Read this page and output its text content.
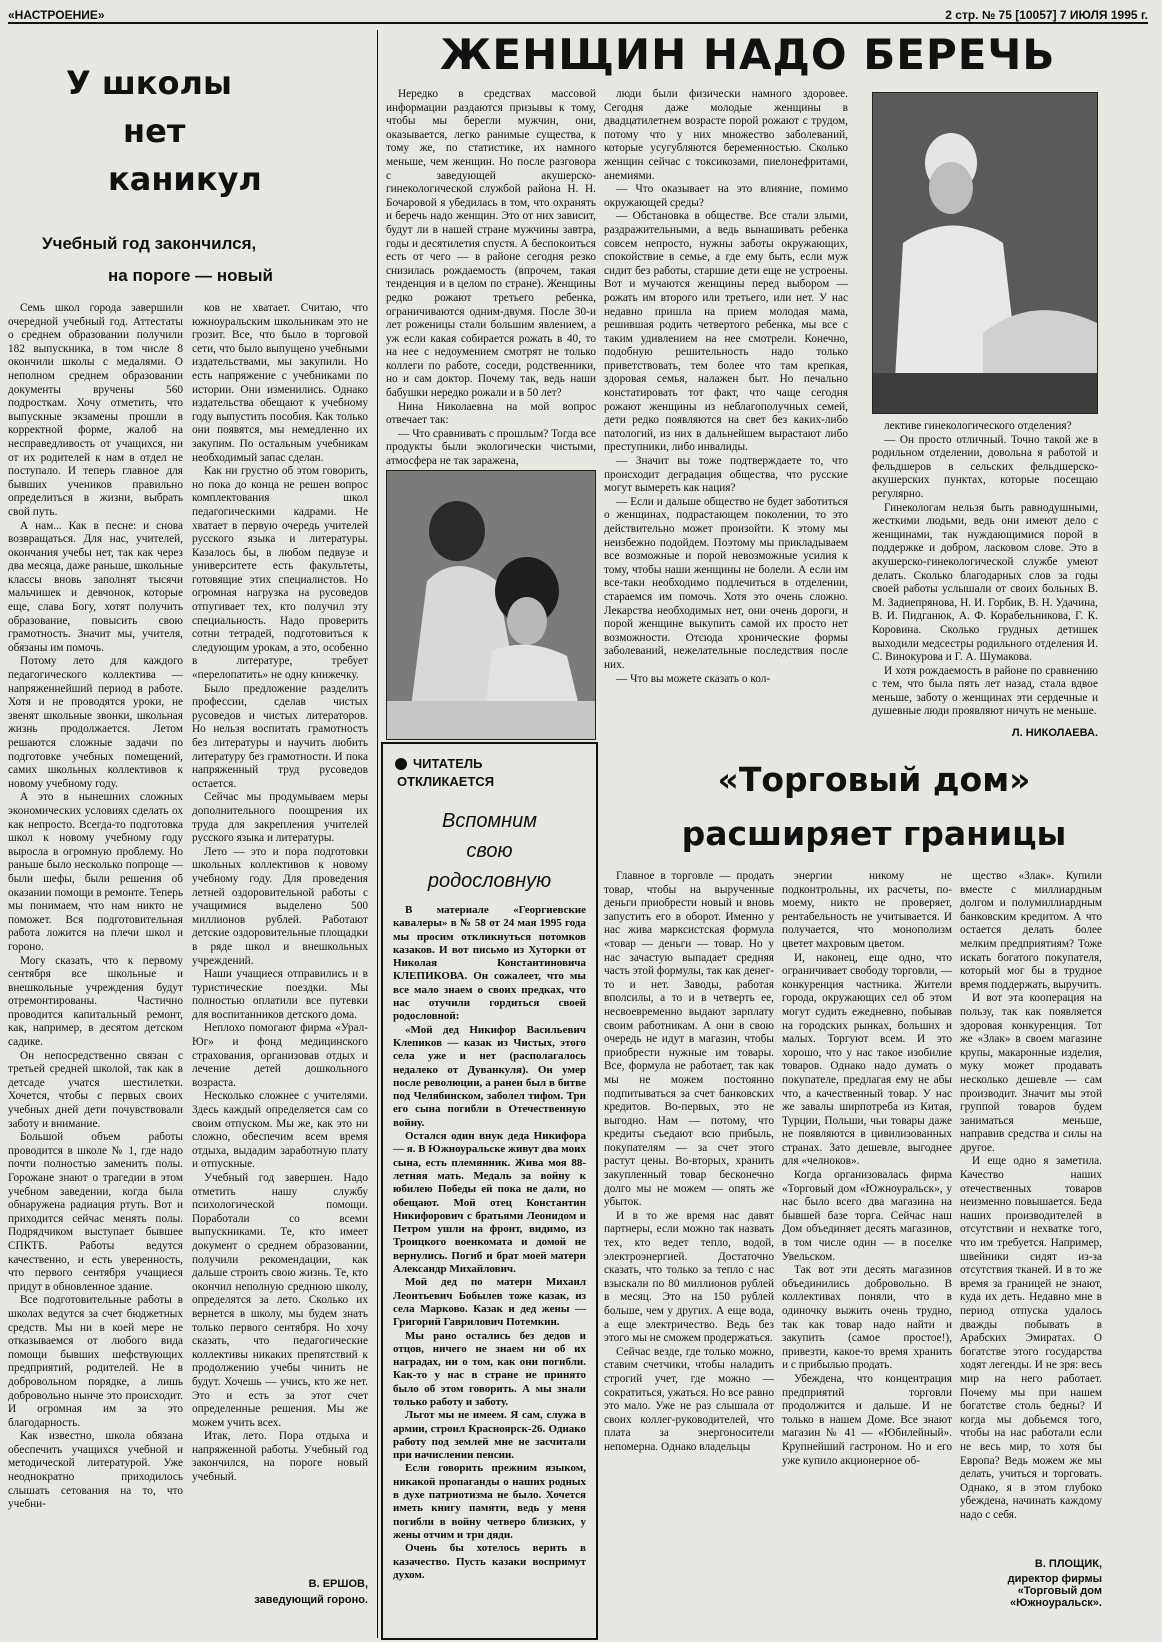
«НАСТРОЕНИЕ»	2 стр. № 75 [10057] 7 ИЮЛЯ 1995 г.
У школы
нет
каникул
Учебный год закончился,
на пороге — новый

Семь школ города завершили очередной учебный год. Аттестаты о среднем образовании получили 182 выпускника, в том числе 8 окончили школы с медалями. О неполном среднем образовании документы вручены 560 подросткам. Хочу отметить, что выпускные экзамены прошли в корректной форме, жалоб на несправедливость от учащихся, ни от их родителей к нам в отдел не поступало. И теперь главное для бывших учеников правильно определиться в жизни, выбрать свой путь.

А нам... Как в песне: и снова возвращаться. Для нас, учителей, окончания учебы нет, так как через два месяца, даже раньше, школьные классы вновь заполнят тысячи мальчишек и девчонок, которые еще, слава Богу, хотят получить образование, повысить свою грамотность. Значит мы, учителя, обязаны им помочь.

Потому лето для каждого педагогического коллектива — напряженнейший период в работе. Хотя и не проводятся уроки, не звенят школьные звонки, школьная жизнь продолжается. Летом решаются сложные задачи по подготовке учебных помещений, самих школьных коллективов к новому учебному году.

А это в нынешних сложных экономических условиях сделать ох как непросто. Всегда-то подготовка школ к новому учебному году выросла в огромную проблему. Но раньше было несколько попроще — были шефы, были решения об оказании помощи в ремонте. Теперь мы понимаем, что нам никто не поможет. Вся подготовительная работа ложится на плечи школ и гороно.

Могу сказать, что к первому сентября все школьные и внешкольные учреждения будут отремонтированы. Частично проводится капитальный ремонт, как, например, в десятом детском садике.

Он непосредственно связан с третьей средней школой, так как в детсаде учатся шестилетки. Хочется, чтобы с первых своих учебных дней дети почувствовали заботу и внимание.

Большой объем работы проводится в школе № 1, где надо почти полностью заменить полы. Горожане знают о трагедии в этом учебном заведении, когда была обнаружена радиация ртуть. Вот и приходится сейчас менять полы. Подрядчиком выступает бывшее СПКТБ. Работы ведутся качественно, и есть уверенность, что первого сентября учащиеся придут в обновленное здание.

Все подготовительные работы в школах ведутся за счет бюджетных средств. Мы ни в коей мере не отказываемся от любого вида помощи бывших шефствующих предприятий, родителей. Не в добровольном порядке, а лишь добровольно нынче это происходит. И огромная им за это благодарность.

Как известно, школа обязана обеспечить учащихся учебной и методической литературой. Уже неоднократно приходилось слышать сетования на то, что учебни-

ков не хватает. Считаю, что южноуральским школьникам это не грозит. Все, что было в торговой сети, что было выпущено учебными издательствами, мы закупили. Но есть напряжение с учебниками по истории. Они изменились. Однако издательства обещают к учебному году выпустить пособия. Как только они появятся, мы немедленно их закупим. По остальным учебникам необходимый запас сделан.

Как ни грустно об этом говорить, но пока до конца не решен вопрос комплектования школ педагогическими кадрами. Не хватает в первую очередь учителей русского языка и литературы. Казалось бы, в любом педвузе и университете есть факультеты, готовящие этих специалистов. Но огромная нагрузка на русоведов отпугивает тех, кто получил эту специальность. Надо проверить сотни тетрадей, подготовиться к следующим урокам, а это, особенно в литературе, требует «перелопатить» не одну книжечку.

Было предложение разделить профессии, сделав чистых русоведов и чистых литераторов. Но нельзя воспитать грамотность без литературы и научить любить литературу без грамотности. И пока напряженный труд русоведов остается.

Сейчас мы продумываем меры дополнительного поощрения их труда для закрепления учителей русского языка и литературы.

Лето — это и пора подготовки школьных коллективов к новому учебному году. Для проведения летней оздоровительной работы с учащимися выделено 500 миллионов рублей. Работают детские оздоровительные площадки в ряде школ и внешкольных учреждений.

Наши учащиеся отправились и в туристические поездки. Мы полностью оплатили все путевки для воспитанников детского дома.

Неплохо помогают фирма «Урал-Юг» и фонд медицинского страхования, организовав отдых и лечение детей дошкольного возраста.

Несколько сложнее с учителями. Здесь каждый определяется сам со своим отпуском. Мы же, как это ни сложно, обеспечим всем время отдыха, выдадим заработную плату и отпускные.

Учебный год завершен. Надо отметить нашу службу психологической помощи. Поработали со всеми выпускниками. Те, кто имеет документ о среднем образовании, получили рекомендации, как дальше строить свою жизнь. Те, кто окончил неполную среднюю школу, определятся за лето. Сколько их вернется в школу, мы будем знать только первого сентября. Но хочу сказать, что педагогические коллективы никаких препятствий к продолжению учебы чинить не будут. Хочешь — учись, кто же нет. Это и есть за этот счет определенные решения. Мы же можем учить всех.

Итак, лето. Пора отдыха и напряженной работы. Учебный год закончился, на пороге новый учебный.

В. ЕРШОВ,
заведующий гороно.
ЖЕНЩИН НАДО БЕРЕЧЬ

Нередко в средствах массовой информации раздаются призывы к тому, чтобы мы берегли мужчин, они, оказывается, легко ранимые существа, к тому же, по статистике, их намного меньше, чем женщин. Но после разговора с заведующей акушерско-гинекологической службой района Н. Н. Бочаровой я убедилась в том, что охранять и беречь надо женщин. Это от них зависит, будут ли в нашей стране мужчины завтра, годы и десятилетия спустя. А беспокоиться есть от чего — в районе сегодня резко снизилась рождаемость (впрочем, такая тенденция и в целом по стране). Женщины редко рожают третьего ребенка, ограничиваются одним-двумя. После 30-и лет роженицы стали большим явлением, а уж если какая собирается рожать в 40, то на нее с недоумением смотрят не только коллеги по работе, соседи, родственники, но и сам доктор. Почему так, ведь наши бабушки нередко рожали и в 50 лет?

Нина Николаевна на мой вопрос отвечает так:

— Что сравнивать с прошлым? Тогда все продукты были экологически чистыми, атмосфера не так заражена,

люди были физически намного здоровее. Сегодня даже молодые женщины в двадцатилетнем возрасте порой рожают с трудом, потому что у них множество заболеваний, которые усугубляются беременностью. Сколько женщин сейчас с токсикозами, пиелонефритами, анемиями.

— Что оказывает на это влияние, помимо окружающей среды?

— Обстановка в обществе. Все стали злыми, раздражительными, а ведь вынашивать ребенка совсем непросто, нужны заботы окружающих, спокойствие в семье, а где ему быть, если муж сидит без работы, старшие дети еще не устроены. Вот и мучаются женщины перед выбором — рожать им второго или третьего, или нет. У нас недавно пришла на прием молодая мама, решившая родить четвертого ребенка, мы все с таким удивлением на нее смотрели. Конечно, подобную решительность надо только приветствовать, тем более что там крепкая, здоровая семья, налажен быт. Но печально констатировать тот факт, что чаще сегодня рожают женщины из неблагополучных семей, дети редко появляются на свет без каких-либо патологий, из них в дальнейшем вырастают либо преступники, либо инвалиды.

— Значит вы тоже подтверждаете то, что происходит деградация общества, что русские могут вымереть как нация?

— Если и дальше общество не будет заботиться о женщинах, подрастающем поколении, то это действительно может произойти. К этому мы неизбежно подойдем. Поэтому мы прикладываем все возможные и порой невозможные усилия к тому, чтобы наши женщины не болели. А если им все-таки необходимо подлечиться в отделении, стараемся им помочь. Хотя это очень сложно. Лекарства необходимых нет, они очень дороги, и порой женщине выкупить самой их просто нет возможности. Отсюда хронические формы заболеваний, нежелательные последствия после них.

— Что вы можете сказать о кол-

лективе гинекологического отделения?

— Он просто отличный. Точно такой же в родильном отделении, довольна я работой и фельдшеров в сельских фельдшерско-акушерских пунктах, которые посещаю регулярно.

Гинекологам нельзя быть равнодушными, жесткими людьми, ведь они имеют дело с женщинами, так нуждающимися порой в поддержке и добром, ласковом слове. Это в акушерско-гинекологической службе умеют делать. Сколько благодарных слов за годы своей работы услышали от своих больных В. М. Задиепрянова, Н. И. Горбик, В. Н. Удачина, В. И. Пидганюк, А. Ф. Корабельникова, Г. К. Коровина. Сколько грудных детишек выходили медсестры родильного отделения И. С. Винокурова и Г. А. Шумакова.

И хотя рождаемость в районе по сравнению с тем, что была пять лет назад, стала вдвое меньше, заботу о женщинах эти сердечные и душевные люди проявляют ничуть не меньше.

Л. НИКОЛАЕВА.
ЧИТАТЕЛЬ
ОТКЛИКАЕТСЯ
Вспомним
свою
родословную

В материале «Георгиевские кавалеры» в № 58 от 24 мая 1995 года мы просим откликнуться потомков казаков. И вот письмо из Хуторки от Николая Константиновича КЛЕПИКОВА. Он сожалеет, что мы все мало знаем о своих предках, что нас отучили гордиться своей родословной:

«Мой дед Никифор Васильевич Клепиков — казак из Чистых, этого села уже и нет (располагалось недалеко от Дуванкуля). Он умер после революции, а ранен был в битве под Челябинском, заболел тифом. Три его сына погибли в Отечественную войну.

Остался один внук деда Никифора — я. В Южноуральске живут два моих сына, есть племянник. Жива моя 88-летняя мать. Медаль за войну к юбилею Победы ей пока не дали, но обещают. Мой отец Константин Никифорович с братьями Леонидом и Петром ушли на фронт, видимо, из Троицкого военкомата и домой не вернулись. Погиб и брат моей матери Александр Михайлович.

Мой дед по матери Михаил Леонтьевич Бобылев тоже казак, из села Марково. Казак и дед жены — Григорий Гаврилович Потемкин.

Мы рано остались без дедов и отцов, ничего не знаем ни об их наградах, ни о том, как они погибли. Как-то у нас в стране не принято было об этом говорить. А мы знали только работу и заботу.

Льгот мы не имеем. Я сам, служа в армии, строил Красноярск-26. Однако работу под землей мне не засчитали при начислении пенсии.

Если говорить прежним языком, никакой пропаганды о наших родных в духе патриотизма не было. Хочется иметь книгу памяти, ведь у меня погибли в войну четверо близких, у жены отчим и три дяди.

Очень бы хотелось верить в казачество. Пусть казаки воспримут духом.

«Торговый дом»
расширяет границы

Главное в торговле — продать товар, чтобы на вырученные деньги приобрести новый и вновь запустить его в оборот. Именно у нас жива марксистская формула «товар — деньги — товар. Но у нас зачастую выпадает средняя часть этой формулы, так как денег-то и нет. Заводы, работая вполсилы, а то и в четверть ее, несвоевременно выдают зарплату своим работникам. А они в свою очередь не идут в магазин, чтобы приобрести нужные им товары. Все, формула не работает, так как мы не можем постоянно подпитываться за счет банковских кредитов. Во-первых, это не выгодно. Нам — потому, что кредиты съедают всю прибыль, покупателям — за счет этого растут цены. Во-вторых, хранить закупленный товар бесконечно долго мы не можем — опять же убыток.

И в то же время нас давят партнеры, если можно так назвать тех, кто ведет тепло, водой, электроэнергией. Достаточно сказать, что только за тепло с нас взыскали по 80 миллионов рублей в месяц. Это на 150 рублей больше, чем у других. А еще вода, а еще электричество. Ведь без этого мы не сможем продержаться.

Сейчас везде, где только можно, ставим счетчики, чтобы наладить строгий учет, где можно — сократиться, ужаться. Но все равно это мало. Уже не раз слышала от своих коллег-руководителей, что плата за энергоносители непомерна. Однако владельцы

энергии никому не подконтрольны, их расчеты, по-моему, никто не проверяет, рентабельность не учитывается. И получается, что монополизм цветет махровым цветом.

И, наконец, еще одно, что ограничивает свободу торговли, — конкуренция частника. Жители города, окружающих сел об этом могут судить ежедневно, побывав на городских рынках, больших и малых. Торгуют всем. И это хорошо, что у нас такое изобилие товаров. Однако надо думать о покупателе, предлагая ему не абы что, а качественный товар. У нас же завалы ширпотреба из Китая, Турции, Польши, чьи товары даже не появляются в цивилизованных странах. Зато дешевле, выгоднее для «челноков».

Когда организовалась фирма «Торговый дом «Южноуральск», у нас было всего два магазина на бывшей базе торга. Сейчас наш Дом объединяет десять магазинов, в том числе один — в поселке Увельском.

Так вот эти десять магазинов объединились добровольно. В коллективах поняли, что в одиночку выжить очень трудно, так как товар надо найти и закупить (самое простое!), привезти, какое-то время хранить и с прибылью продать.

Убеждена, что концентрация предприятий торговли продолжится и дальше. И не только в нашем Доме. Все знают магазин № 41 — «Юбилейный». Крупнейший гастроном. Но и его уже купило акционерное об-

щество «Злак». Купили вместе с миллиардным долгом и полумиллиардным банковским кредитом. А что остается делать более мелким предприятиям? Тоже искать богатого покупателя, который мог бы в трудное время поддержать, выручить.

И вот эта кооперация на пользу, так как появляется здоровая конкуренция. Тот же «Злак» в своем магазине крупы, макаронные изделия, муку может продавать несколько дешевле — сам производит. Значит мы этой группой товаров будем заниматься меньше, направив средства и силы на другое.

И еще одно я заметила. Качество наших отечественных товаров неизменно повышается. Беда наших производителей в отсутствии и нехватке того, что им требуется. Например, швейники сидят из-за отсутствия тканей. И в то же время за границей не знают, куда их деть. Недавно мне в период отпуска удалось дважды побывать в Арабских Эмиратах. О богатстве этого государства ходят легенды. И не зря: весь мир на него работает. Почему мы при нашем богатстве столь бедны? И когда мы добьемся того, чтобы на нас работали если не весь мир, то хотя бы Европа? Ведь можем же мы делать, учиться и торговать. Однако, я в этом глубоко убеждена, начинать каждому надо с себя.

В. ПЛОЩИК,
директор фирмы «Торговый дом «Южноуральск».
